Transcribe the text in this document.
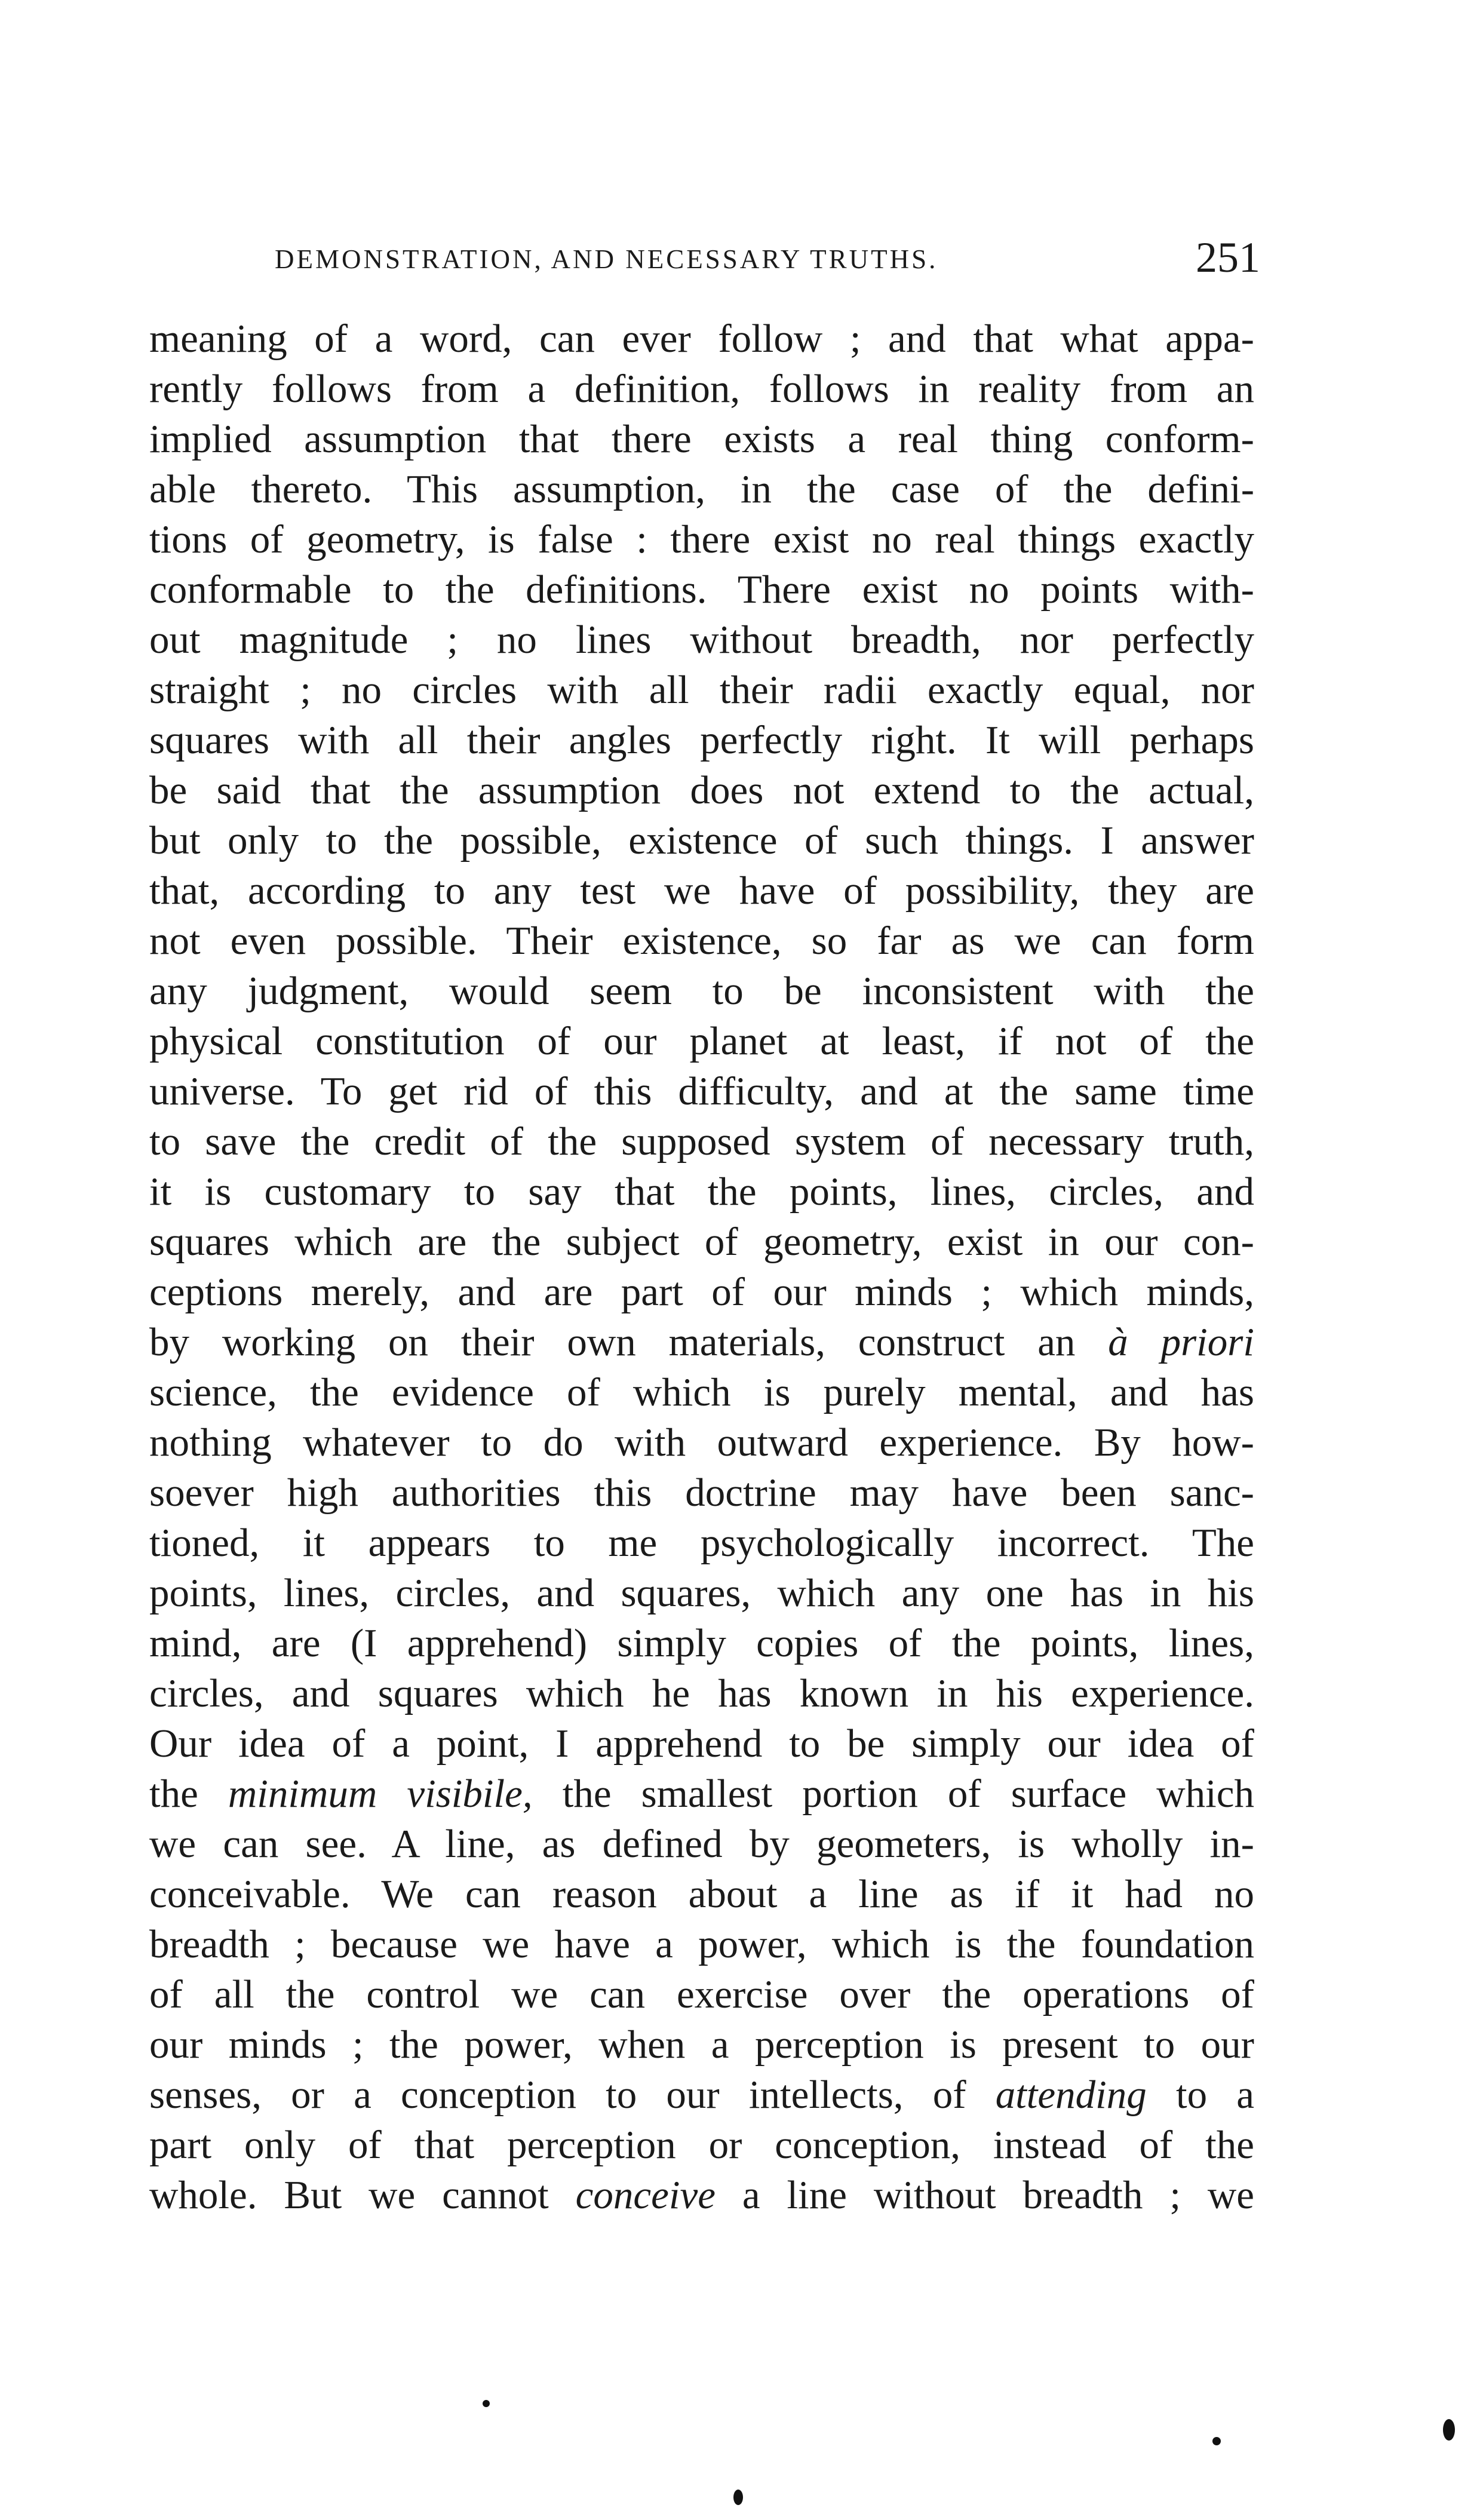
DEMONSTRATION, AND NECESSARY TRUTHS.	251
meaning of a word, can ever follow ; and that what appa-
rently follows from a definition, follows in reality from an
implied assumption that there exists a real thing conform-
able thereto. This assumption, in the case of the defini-
tions of geometry, is false : there exist no real things exactly
conformable to the definitions. There exist no points with-
out magnitude ; no lines without breadth, nor perfectly
straight ; no circles with all their radii exactly equal, nor
squares with all their angles perfectly right. It will perhaps
be said that the assumption does not extend to the actual,
but only to the possible, existence of such things. I answer
that, according to any test we have of possibility, they are
not even possible. Their existence, so far as we can form
any judgment, would seem to be inconsistent with the
physical constitution of our planet at least, if not of the
universe. To get rid of this difficulty, and at the same time
to save the credit of the supposed system of necessary truth,
it is customary to say that the points, lines, circles, and
squares which are the subject of geometry, exist in our con-
ceptions merely, and are part of our minds ; which minds,
by working on their own materials, construct an à priori
science, the evidence of which is purely mental, and has
nothing whatever to do with outward experience. By how-
soever high authorities this doctrine may have been sanc-
tioned, it appears to me psychologically incorrect. The
points, lines, circles, and squares, which any one has in his
mind, are (I apprehend) simply copies of the points, lines,
circles, and squares which he has known in his experience.
Our idea of a point, I apprehend to be simply our idea of
the minimum visibile, the smallest portion of surface which
we can see. A line, as defined by geometers, is wholly in-
conceivable. We can reason about a line as if it had no
breadth ; because we have a power, which is the foundation
of all the control we can exercise over the operations of
our minds ; the power, when a perception is present to our
senses, or a conception to our intellects, of attending to a
part only of that perception or conception, instead of the
whole. But we cannot conceive a line without breadth ; we
